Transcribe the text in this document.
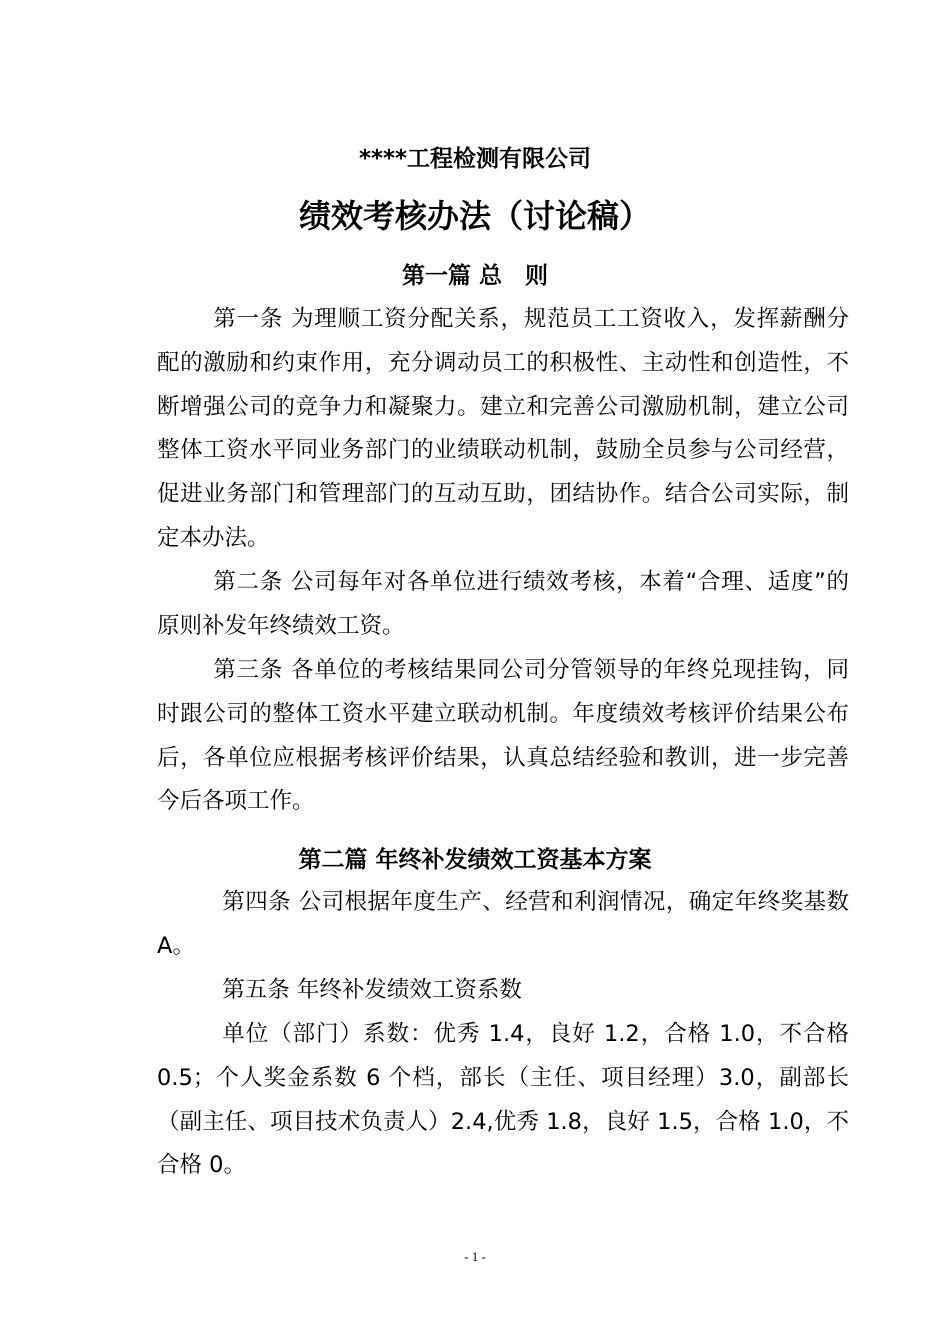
****工程检测有限公司
绩效考核办法（讨论稿）
第一篇 总　则

第一条 为理顺工资分配关系，规范员工工资收入，发挥薪酬分配的激励和约束作用，充分调动员工的积极性、主动性和创造性，不断增强公司的竞争力和凝聚力。建立和完善公司激励机制，建立公司整体工资水平同业务部门的业绩联动机制，鼓励全员参与公司经营，促进业务部门和管理部门的互动互助，团结协作。结合公司实际，制定本办法。

第二条 公司每年对各单位进行绩效考核，本着“合理、适度”的原则补发年终绩效工资。

第三条 各单位的考核结果同公司分管领导的年终兑现挂钩，同时跟公司的整体工资水平建立联动机制。年度绩效考核评价结果公布后，各单位应根据考核评价结果，认真总结经验和教训，进一步完善今后各项工作。

第二篇 年终补发绩效工资基本方案

第四条 公司根据年度生产、经营和利润情况，确定年终奖基数 A。

第五条 年终补发绩效工资系数

单位（部门）系数：优秀 1.4，良好 1.2，合格 1.0，不合格 0.5；个人奖金系数 6 个档，部长（主任、项目经理）3.0，副部长（副主任、项目技术负责人）2.4,优秀 1.8，良好 1.5，合格 1.0，不合格 0。

- 1 -
